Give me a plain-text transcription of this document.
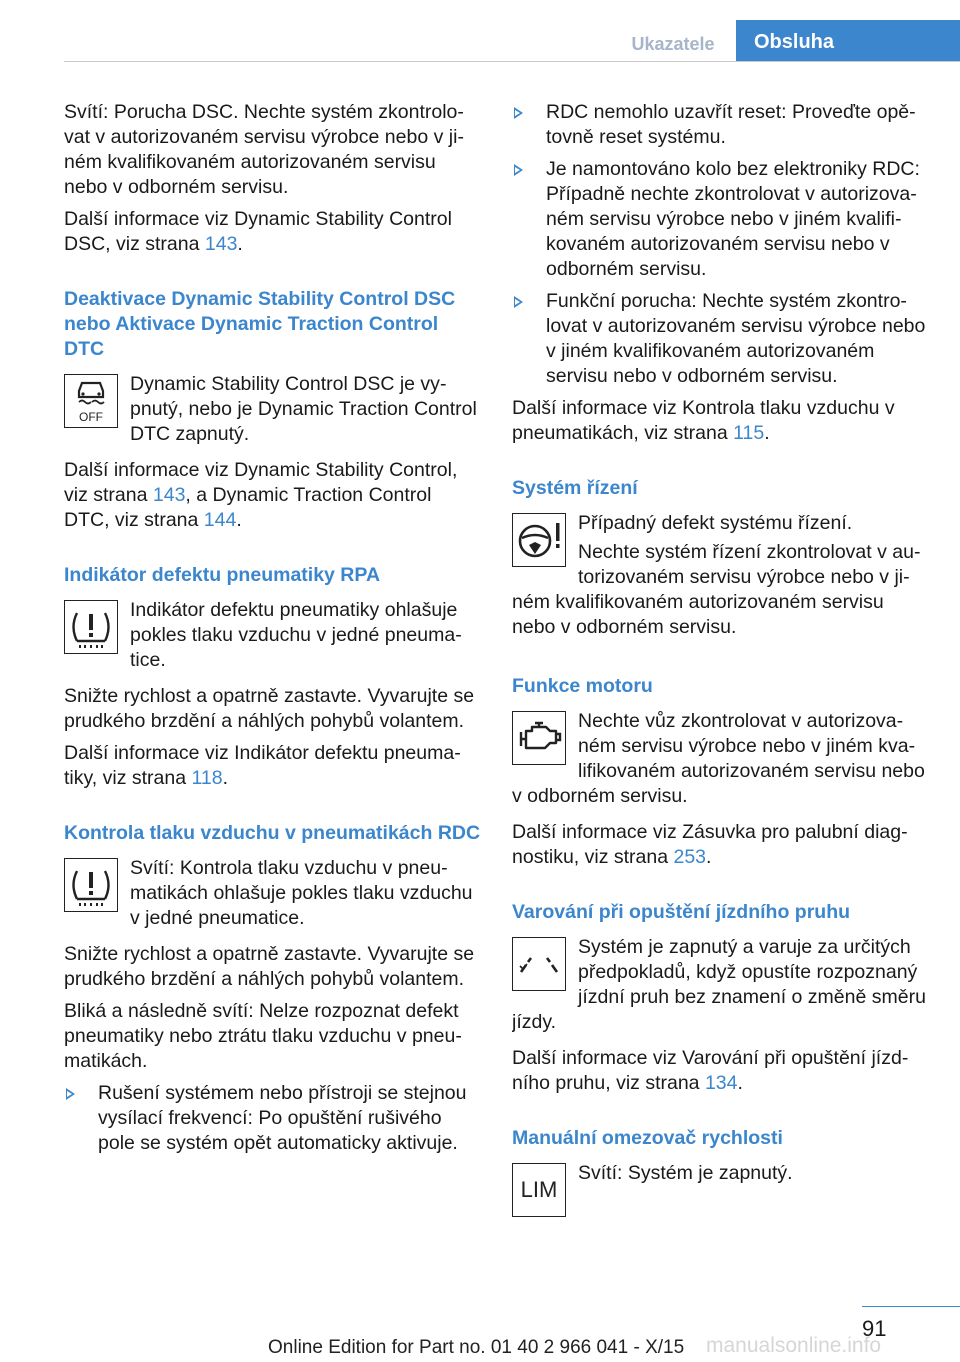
Ukazatele	Obsluha

Svítí: Porucha DSC. Nechte systém zkontrolovat v autorizovaném servisu výrobce nebo v jiném kvalifikovaném autorizovaném servisu nebo v odborném servisu.

Další informace viz Dynamic Stability Control DSC, viz strana 143.

Deaktivace Dynamic Stability Control DSC nebo Aktivace Dynamic Traction Control DTC
OFF

Dynamic Stability Control DSC je vypnutý, nebo je Dynamic Traction Control DTC zapnutý.

Další informace viz Dynamic Stability Control, viz strana 143, a Dynamic Traction Control DTC, viz strana 144.

Indikátor defektu pneumatiky RPA

Indikátor defektu pneumatiky ohlašuje pokles tlaku vzduchu v jedné pneumatice.

Snižte rychlost a opatrně zastavte. Vyvarujte se prudkého brzdění a náhlých pohybů volantem.

Další informace viz Indikátor defektu pneumatiky, viz strana 118.

Kontrola tlaku vzduchu v pneumatikách RDC

Svítí: Kontrola tlaku vzduchu v pneumatikách ohlašuje pokles tlaku vzduchu v jedné pneumatice.

Snižte rychlost a opatrně zastavte. Vyvarujte se prudkého brzdění a náhlých pohybů volantem.

Bliká a následně svítí: Nelze rozpoznat defekt pneumatiky nebo ztrátu tlaku vzduchu v pneumatikách.

Rušení systémem nebo přístroji se stejnou vysílací frekvencí: Po opuštění rušivého pole se systém opět automaticky aktivuje.
RDC nemohlo uzavřít reset: Proveďte opětovně reset systému.
Je namontováno kolo bez elektroniky RDC: Případně nechte zkontrolovat v autorizovaném servisu výrobce nebo v jiném kvalifikovaném autorizovaném servisu nebo v odborném servisu.
Funkční porucha: Nechte systém zkontrolovat v autorizovaném servisu výrobce nebo v jiném kvalifikovaném autorizovaném servisu nebo v odborném servisu.

Další informace viz Kontrola tlaku vzduchu v pneumatikách, viz strana 115.

Systém řízení

Případný defekt systému řízení.

Nechte systém řízení zkontrolovat v autorizovaném servisu výrobce nebo v jiném kvalifikovaném autorizovaném servisu nebo v odborném servisu.

Funkce motoru

Nechte vůz zkontrolovat v autorizovaném servisu výrobce nebo v jiném kvalifikovaném autorizovaném servisu nebo v odborném servisu.

Další informace viz Zásuvka pro palubní diagnostiku, viz strana 253.

Varování při opuštění jízdního pruhu

Systém je zapnutý a varuje za určitých předpokladů, když opustíte rozpoznaný jízdní pruh bez znamení o změně směru jízdy.

Další informace viz Varování při opuštění jízdního pruhu, viz strana 134.

Manuální omezovač rychlosti
LIM

Svítí: Systém je zapnutý.

91
Online Edition for Part no. 01 40 2 966 041 - X/15 manualsonline.info
